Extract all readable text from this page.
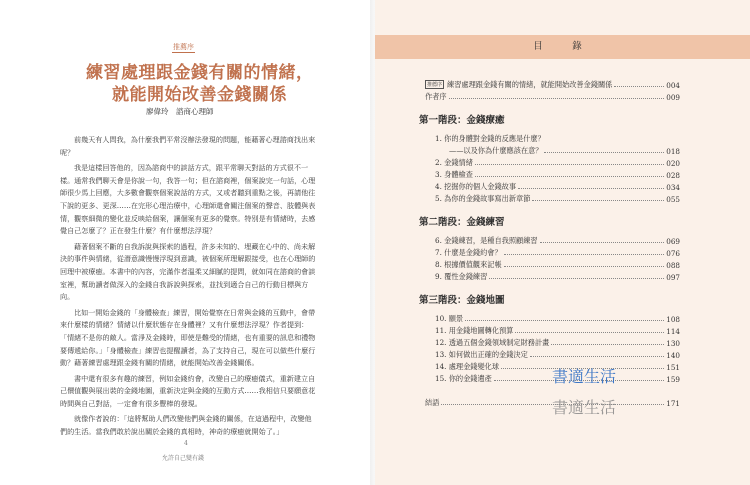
推薦序
練習處理跟金錢有關的情緒，
就能開始改善金錢關係
廖偉玲　諮商心理師

前幾天有人問我，為什麼我們平常沒辦法發現的問題，能藉著心理諮商找出來呢？

我是這樣回答他的，因為諮商中的談話方式，跟平常聊天對話的方式很不一樣。通常我們聊天會是你說一句，我答一句；但在諮商裡，個案說完一句話，心理師很少馬上回應，大多數會觀察個案說話的方式，又或者聽到重點之後，再請他往下說的更多、更深……在完形心理治療中，心理師還會關注個案的聲音、肢體與表情，觀察細微的變化並反映給個案，讓個案有更多的覺察。特別是有情緒時，去感覺自己怎麼了？正在發生什麼？有什麼想法浮現？

藉著個案不斷的自我訴說與探索的過程，許多未知的、埋藏在心中的、尚未解決的事件與情緒，從潛意識慢慢浮現到意識，被個案所理解跟接受，也在心理師的回理中被療癒。本書中的內容，完滿作者溫柔又細膩的提問，就如同在諮商的會談室裡，幫助讀者做深入的金錢自我訴說與探索，並找到適合自己的行動目標與方向。

比如一開始金錢的「身體檢查」練習，開始覺察在日常與金錢的互動中，會帶來什麼樣的情緒？情緒以什麼狀態存在身體裡？又有什麼想法浮現？作者提到：「情緒不是你的敵人。當淨及金錢時，即使是難受的情緒，也有重要的訊息和禮物要傳遞給你。」「身體檢查」練習也提醒讀者，為了支持自己，現在可以做些什麼行動？藉著練習處理跟金錢有關的情緒，就能開始改善金錢關係。

書中還有很多有趣的練習，例如金錢約會，改變自己的療癒儀式，重新建立自己價值觀與展出裝的金錢地圖，重新決定與金錢的互動方式……我相信只要願意花時間與自己對話，一定會有很多豐棒的發現。

就像作者說的：「這將幫助人們改變他們與金錢的關係，在這過程中，改變他們的生活。當我們敢於說出關於金錢的真相時，神奇的療癒就開始了。」

4
允許自己變有錢
目　錄
推薦序 練習處理跟金錢有關的情緒，就能開始改善金錢關係	004
作者序	009
第一階段：金錢療癒
1. 你的身體對金錢的反應是什麼？
——以及你為什麼應該在意？	018
2. 金錢情緒	020
3. 身體檢查	028
4. 挖掘你的個人金錢故事	034
5. 為你的金錢故事寫出新章節	055
第二階段：金錢練習
6. 金錢練習，是種自我照顧練習	069
7. 什麼是金錢約會？	076
8. 根據價值觀來記帳	088
9. 覆性金錢練習	097
第三階段：金錢地圖
10. 願景	108
11. 用金錢地圖轉化預算	114
12. 透過五個金錢領域制定財務計畫	130
13. 如何做出正確的金錢決定	140
14. 處理金錢變化球	151
15. 你的金錢遺產	159
結語	171
書適生活
書適生活
